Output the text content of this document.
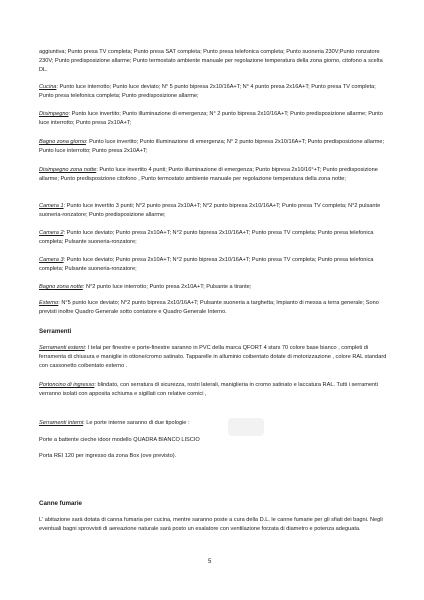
aggiuntiva; Punto presa TV completa; Punto presa SAT completa; Punto presa telefonica completa; Punto suoneria 230V;Punto ronzatore 230V; Punto predisposizione allarme; Punto termostato ambiente manuale per regolazione temperatura della zona giorno, citofono a scelta DL.

Cucina: Punto luce interrotto; Punto luce deviato; N° 5 punto bipresa 2x10/16A+T; N° 4 punto presa 2x16A+T; Punto presa TV completa; Punto presa telefonica completa; Punto predisposizione allarme;

Disimpegno: Punto luce invertito; Punto illuminazione di emergenza; N° 2 punto bipresa 2x10/16A+T; Punto predisposizione allarme; Punto luce interrotto; Punto presa 2x10A+T;

Bagno zona giorno: Punto luce invertito; Punto illuminazione di emergenza; N° 2 punto bipresa 2x10/16A+T; Punto predisposizione allarme; Punto luce interrotto; Punto presa 2x10A+T;

Disimpegno zona notte: Punto luce invertito 4 punti; Punto illuminazione di emergenza; Punto bipresa 2x10/16°+T; Punto predisposizione allarme; Punto predisposizione citofono , Punto termostato ambiente manuale per regolazione temperatura della zona notte;

Camera 1: Punto luce invertito 3 punti; N°2 punto presa 2x10A+T; N°2 punto bipresa 2x10/16A+T; Punto presa TV completa; N°2 pulsante suoneria-ronzatore; Punto predisposizione allarme;

Camera 2: Punto luce deviato; Punto presa 2x10A+T; N°2 punto bipresa 2x10/16A+T; Punto presa TV completa; Punto presa telefonica completa; Pulsante suoneria-ronzatore;

Camera 3: Punto luce deviato; Punto presa 2x10A+T; N°2 punto bipresa 2x10/16A+T; Punto presa TV completa; Punto presa telefonica completa; Pulsante suoneria-ronzatore;

Bagno zona notte: N°2 punto luce interrotto; Punto presa 2x10A+T; Pulsante a tirante;

Esterno: N°5 punto luce deviato; N°2 punto bipresa 2x10/16A+T; Pulsante suoneria a targhetta; Impianto di messa a terra generale; Sono previsti inoltre Quadro Generale sotto contatore e Quadro Generale Interno.

Serramenti

Serramenti esterni: I telai per finestre e porte-finestre saranno in PVC della marca QFORT 4 stars 70 colore base bianco , completi di ferramenta di chiusura e maniglie in ottone/cromo satinato. Tapparelle in alluminio coibentato dotate di motorizzazione , colore RAL standard con cassonetto coibentato esterno .

Portoncino di ingresso: blindato, con serratura di sicurezza, rostri laterali, maniglieria in cromo satinato e laccatura RAL. Tutti i serramenti verranno isolati con apposita schiuma e sigillati con relative cornici ,

Serramenti interni: Le porte interne saranno di due tipologie :

Porte a battente cieche idoor modello QUADRA BIANCO LISCIO

Porta REI 120 per ingresso da zona Box (ove previsto).

Canne fumarie

L' abitazione sarà dotata di canna fumaria per cucina, mentre saranno poste a cura della D.L. le canne fumarie per gli sfiati dei bagni. Negli eventuali bagni sprovvisti di aereazione naturale sarà posto un esalatore con ventilazione forzata di diametro e potenza adeguata.

5
